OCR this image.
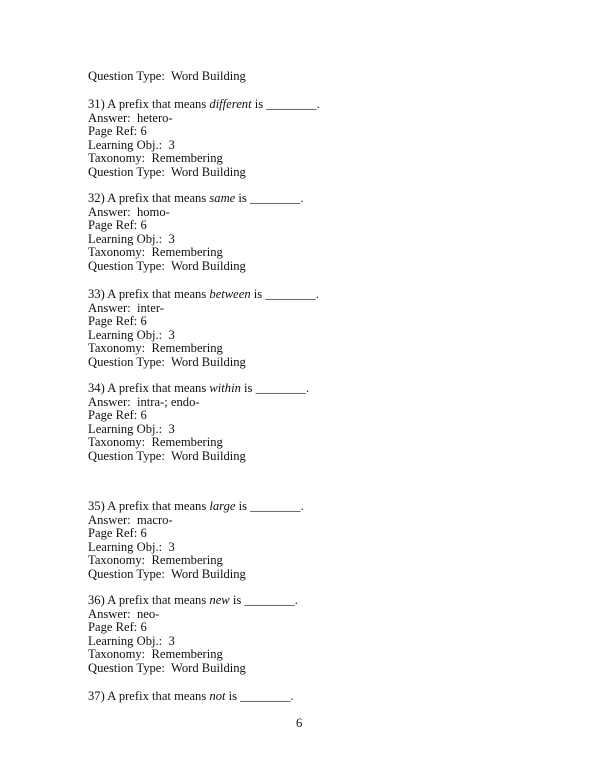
Question Type:  Word Building
31) A prefix that means different is ________.
Answer:  hetero-
Page Ref: 6
Learning Obj.:  3
Taxonomy:  Remembering
Question Type:  Word Building
32) A prefix that means same is ________.
Answer:  homo-
Page Ref: 6
Learning Obj.:  3
Taxonomy:  Remembering
Question Type:  Word Building
33) A prefix that means between is ________.
Answer:  inter-
Page Ref: 6
Learning Obj.:  3
Taxonomy:  Remembering
Question Type:  Word Building
34) A prefix that means within is ________.
Answer:  intra-; endo-
Page Ref: 6
Learning Obj.:  3
Taxonomy:  Remembering
Question Type:  Word Building
35) A prefix that means large is ________.
Answer:  macro-
Page Ref: 6
Learning Obj.:  3
Taxonomy:  Remembering
Question Type:  Word Building
36) A prefix that means new is ________.
Answer:  neo-
Page Ref: 6
Learning Obj.:  3
Taxonomy:  Remembering
Question Type:  Word Building
37) A prefix that means not is ________.
6
